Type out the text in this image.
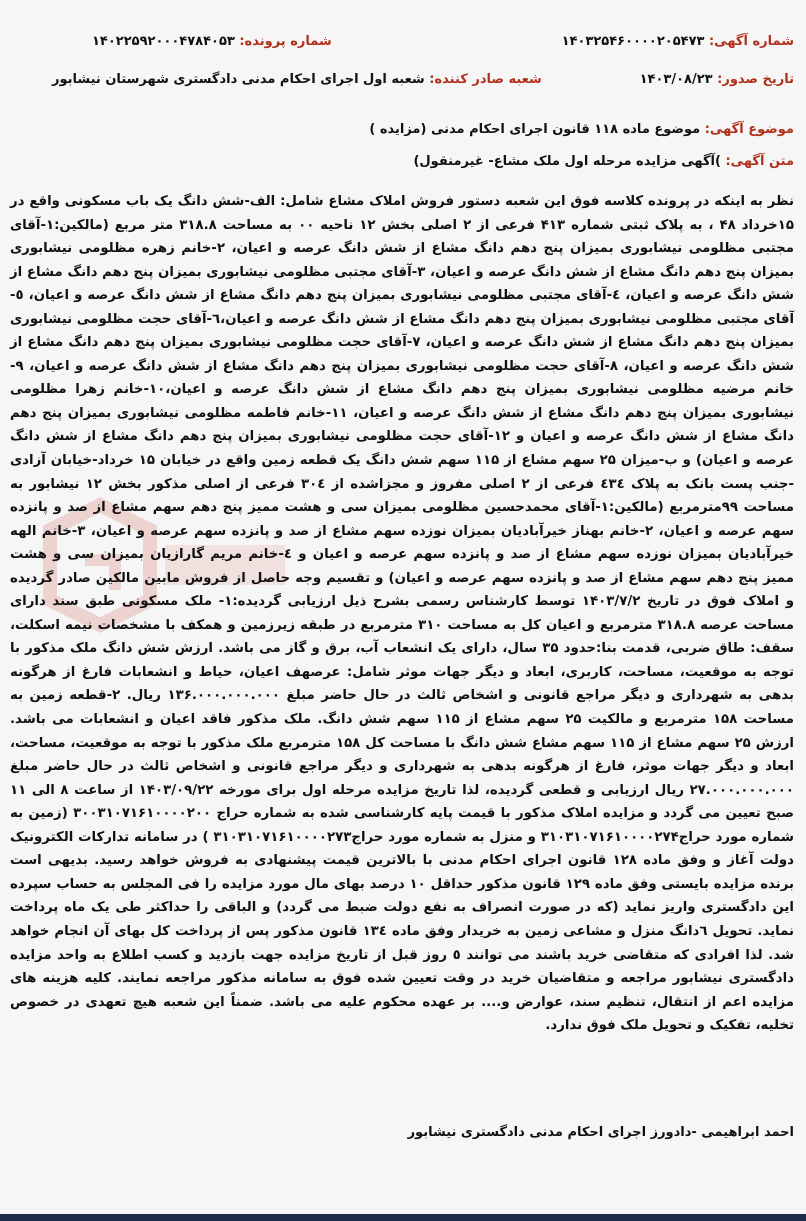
شماره آگهی: ۱۴۰۳۲۵۴۶۰۰۰۰۲۰۵۴۷۳
شماره پرونده: ۱۴۰۲۲۵۹۲۰۰۰۴۷۸۴۰۵۳
تاریخ صدور: ۱۴۰۳/۰۸/۲۳
شعبه صادر کننده: شعبه اول اجرای احکام مدنی دادگستری شهرستان نیشابور
موضوع آگهی: موضوع ماده ۱۱۸ قانون اجرای احکام مدنی (مزایده )
متن آگهی: )آگهی مزایده مرحله اول ملک مشاع- غیرمنقول)
نظر به اینکه در پرونده کلاسه فوق این شعبه دستور فروش املاک مشاع شامل: الف-شش دانگ یک باب مسکونی واقع در ۱۵خرداد ۴۸ ، به پلاک ثبتی شماره ۴۱۳ فرعی از ۲ اصلی بخش ۱۲ ناحیه ۰۰ به مساحت ۳۱۸.۸ متر مربع (مالکین:۱-آقای مجتبی مظلومی نیشابوری بمیزان پنج دهم دانگ مشاع از شش دانگ عرصه و اعیان، ۲-خانم زهره مظلومی نیشابوری بمیزان پنج دهم دانگ مشاع از شش دانگ عرصه و اعیان، ۳-آقای مجتبی مظلومی نیشابوری بمیزان پنج دهم دانگ مشاع از شش دانگ عرصه و اعیان، ٤-آقای مجتبی مظلومی نیشابوری بمیزان پنج دهم دانگ مشاع از شش دانگ عرصه و اعیان، ٥-آقای مجتبی مظلومی نیشابوری بمیزان پنج دهم دانگ مشاع از شش دانگ عرصه و اعیان،٦-آقای حجت مظلومی نیشابوری بمیزان پنج دهم دانگ مشاع از شش دانگ عرصه و اعیان، ٧-آقای حجت مظلومی نیشابوری بمیزان پنج دهم دانگ مشاع از شش دانگ عرصه و اعیان، ٨-آقای حجت مظلومی نیشابوری بمیزان پنج دهم دانگ مشاع از شش دانگ عرصه و اعیان، ٩-خانم مرضیه مظلومی نیشابوری بمیزان پنج دهم دانگ مشاع از شش دانگ عرصه و اعیان،١٠-خانم زهرا مظلومی نیشابوری بمیزان پنج دهم دانگ مشاع از شش دانگ عرصه و اعیان، ١١-خانم فاطمه مظلومی نیشابوری بمیزان پنج دهم دانگ مشاع از شش دانگ عرصه و اعیان و ١٢-آقای حجت مظلومی نیشابوری بمیزان پنج دهم دانگ مشاع از شش دانگ عرصه و اعیان) و ب-میزان ۲۵ سهم مشاع از ۱۱۵ سهم شش دانگ یک قطعه زمین واقع در خیابان ۱۵ خرداد-خیابان آزادی -جنب پست بانک به پلاک ٤٣٤ فرعی از ۲ اصلی مفروز و مجزاشده از ۳۰٤ فرعی از اصلی مذکور بخش ۱۲ نیشابور به مساحت ۹۹مترمربع (مالکین:۱-آقای محمدحسین مظلومی بمیزان سی و هشت ممیز پنج دهم سهم مشاع از صد و پانزده سهم عرصه و اعیان، ۲-خانم بهناز خیرآبادیان بمیزان نوزده سهم مشاع از صد و پانزده سهم عرصه و اعیان، ۳-خانم الهه خیرآبادیان بمیزان نوزده سهم مشاع از صد و پانزده سهم عرصه و اعیان و ٤-خانم مریم گارازیان بمیزان سی و هشت ممیز پنج دهم سهم مشاع از صد و پانزده سهم عرصه و اعیان) و تقسیم وجه حاصل از فروش مابین مالکین صادر گردیده و املاک فوق در تاریخ ۱۴۰۳/۷/۲ توسط کارشناس رسمی بشرح ذیل ارزیابی گردیده:۱- ملک مسکونی طبق سند دارای مساحت عرصه ۳۱۸.۸ مترمربع و اعیان کل به مساحت ۳۱۰ مترمربع در طبقه زیرزمین و همکف با مشخصات نیمه اسکلت، سقف: طاق ضربی، قدمت بنا:حدود ۳۵ سال، دارای یک انشعاب آب، برق و گاز می باشد. ارزش شش دانگ ملک مذکور با توجه به موقعیت، مساحت، کاربری، ابعاد و دیگر جهات موثر شامل: عرصهف اعیان، حیاط و انشعابات فارغ از هرگونه بدهی به شهرداری و دیگر مراجع قانونی و اشخاص ثالث در حال حاضر مبلغ ۱۳۶.۰۰۰.۰۰۰.۰۰۰ ریال. ۲-قطعه زمین به مساحت ۱۵۸ مترمربع و مالکیت ۲۵ سهم مشاع از ۱۱۵ سهم شش دانگ. ملک مذکور فاقد اعیان و انشعابات می باشد. ارزش ۲۵ سهم مشاع از ۱۱۵ سهم مشاع شش دانگ با مساحت کل ۱۵۸ مترمربع ملک مذکور با توجه به موقعیت، مساحت، ابعاد و دیگر جهات موثر، فارغ از هرگونه بدهی به شهرداری و دیگر مراجع قانونی و اشخاص ثالث در حال حاضر مبلغ ۲۷.۰۰۰.۰۰۰.۰۰۰ ریال ارزیابی و قطعی گردیده، لذا تاریخ مزایده مرحله اول برای مورخه ۱۴۰۳/۰۹/۲۲ از ساعت ۸ الی ۱۱ صبح تعیین می گردد و مزایده املاک مذکور با قیمت پایه کارشناسی شده به شماره حراج ۳۰۰۳۱۰۷۱۶۱۰۰۰۰۲۰۰ (زمین به شماره مورد حراج۳۱۰۳۱۰۷۱۶۱۰۰۰۰۲۷۴ و منزل به شماره مورد حراج۳۱۰۳۱۰۷۱۶۱۰۰۰۰۲۷۳ ) در سامانه تدارکات الکترونیک دولت آغاز و وفق ماده ۱۲۸ قانون اجرای احکام مدنی با بالاترین قیمت پیشنهادی به فروش خواهد رسید. بدیهی است برنده مزایده بایستی وفق ماده ۱۲۹ قانون مذکور حداقل ۱۰ درصد بهای مال مورد مزایده را فی المجلس به حساب سپرده این دادگستری واریز نماید (که در صورت انصراف به نفع دولت ضبط می گردد) و الباقی را حداکثر طی یک ماه پرداخت نماید. تحویل ٦دانگ منزل و مشاعی زمین به خریدار وفق ماده ١٣٤ قانون مذکور پس از پرداخت کل بهای آن انجام خواهد شد. لذا افرادی که متقاضی خرید باشند می توانند ٥ روز قبل از تاریخ مزایده جهت بازدید و کسب اطلاع به واحد مزایده دادگستری نیشابور مراجعه و متقاضیان خرید در وقت تعیین شده فوق به سامانه مذکور مراجعه نمایند. کلیه هزینه های مزایده اعم از انتقال، تنظیم سند، عوارض و.... بر عهده محکوم علیه می باشد. ضمناً این شعبه هیچ تعهدی در خصوص تخلیه، تفکیک و تحویل ملک فوق ندارد.
احمد ابراهیمی -دادورز اجرای احکام مدنی دادگستری نیشابور
